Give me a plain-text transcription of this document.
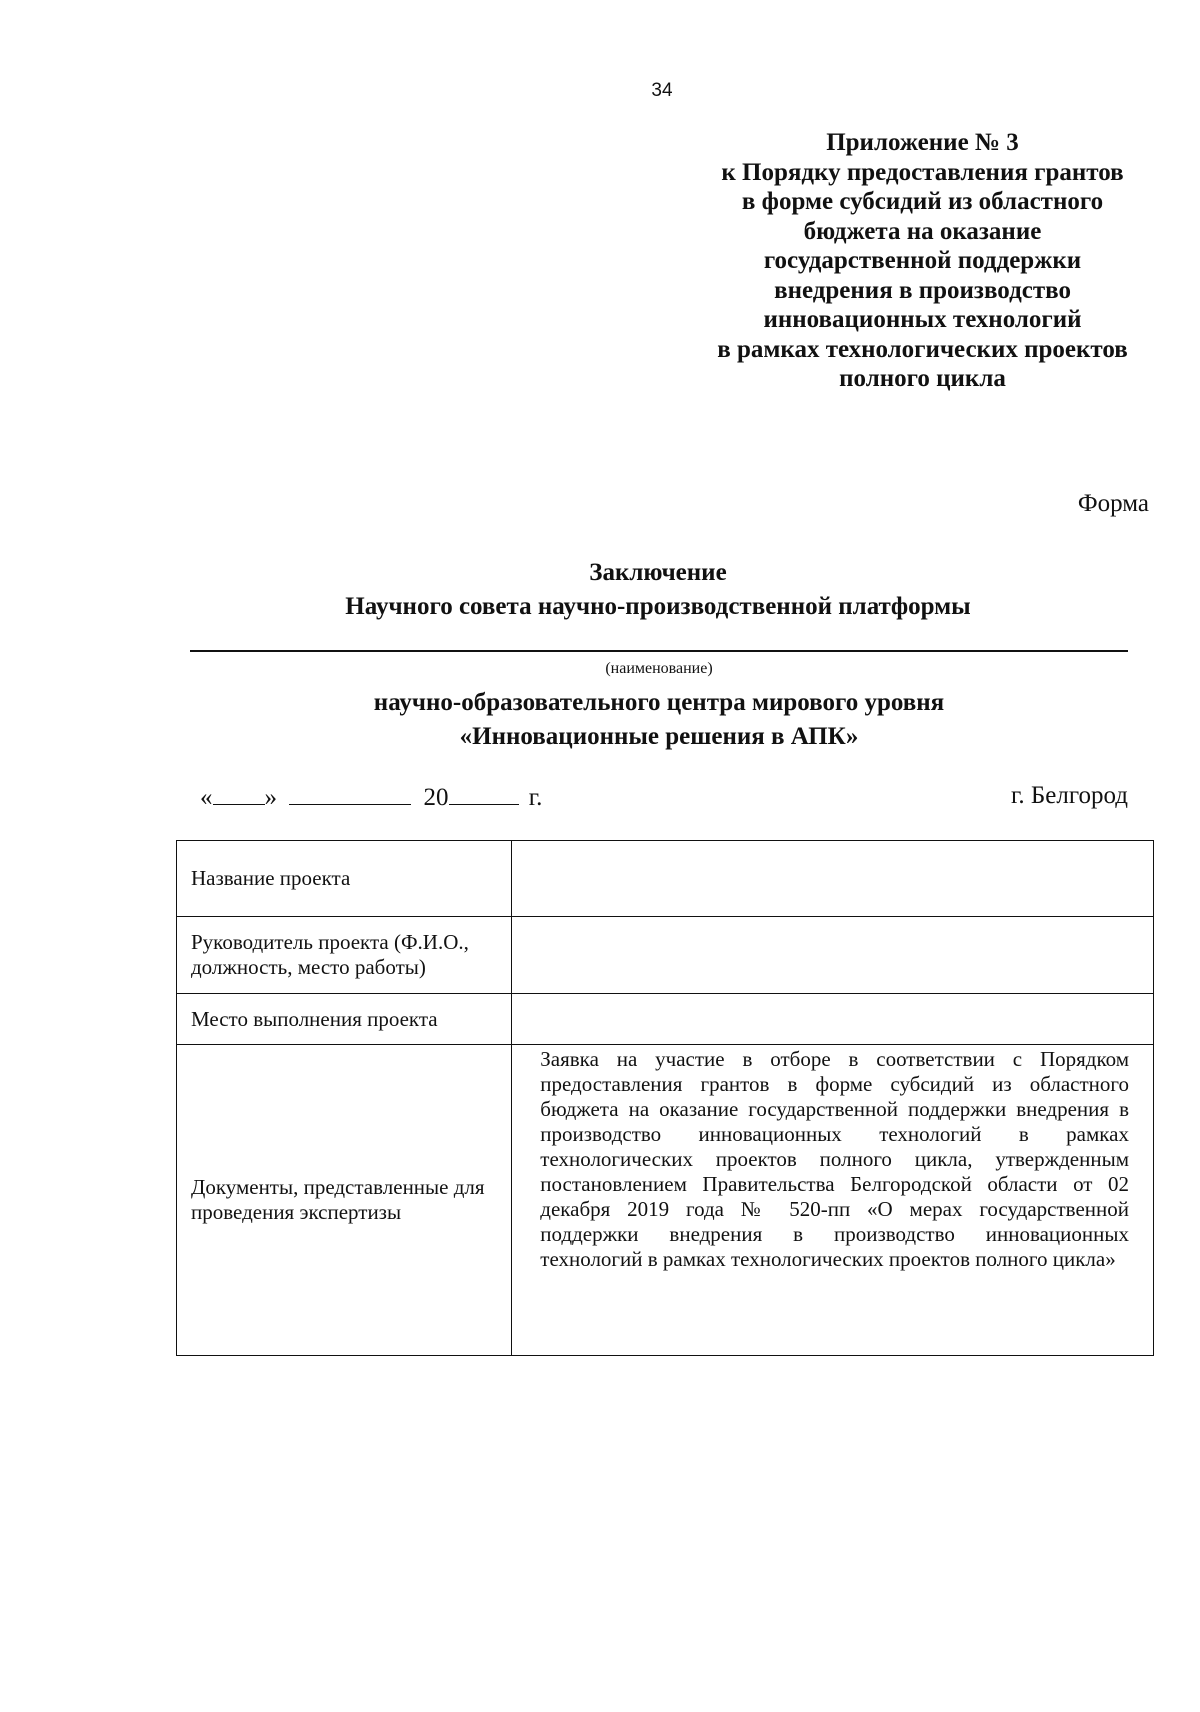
34
Приложение № 3
к Порядку предоставления грантов
в форме субсидий из областного
бюджета на оказание
государственной поддержки
внедрения в производство
инновационных технологий
в рамках технологических проектов
полного цикла
Форма
Заключение
Научного совета научно-производственной платформы
(наименование)
научно-образовательного центра мирового уровня
«Инновационные решения в АПК»
« »	20	г.	г. Белгород
Название проекта	
Руководитель проекта (Ф.И.О., должность, место работы)	
Место выполнения проекта	
Документы, представленные для проведения экспертизы	Заявка на участие в отборе в соответствии с Порядком предоставления грантов в форме субсидий из областного бюджета на оказание государственной поддержки внедрения в производство инновационных технологий в рамках технологических проектов полного цикла, утвержденным постановлением Правительства Белгородской области от 02 декабря 2019 года № 520-пп «О мерах государственной поддержки внедрения в производство инновационных технологий в рамках технологических проектов полного цикла»
